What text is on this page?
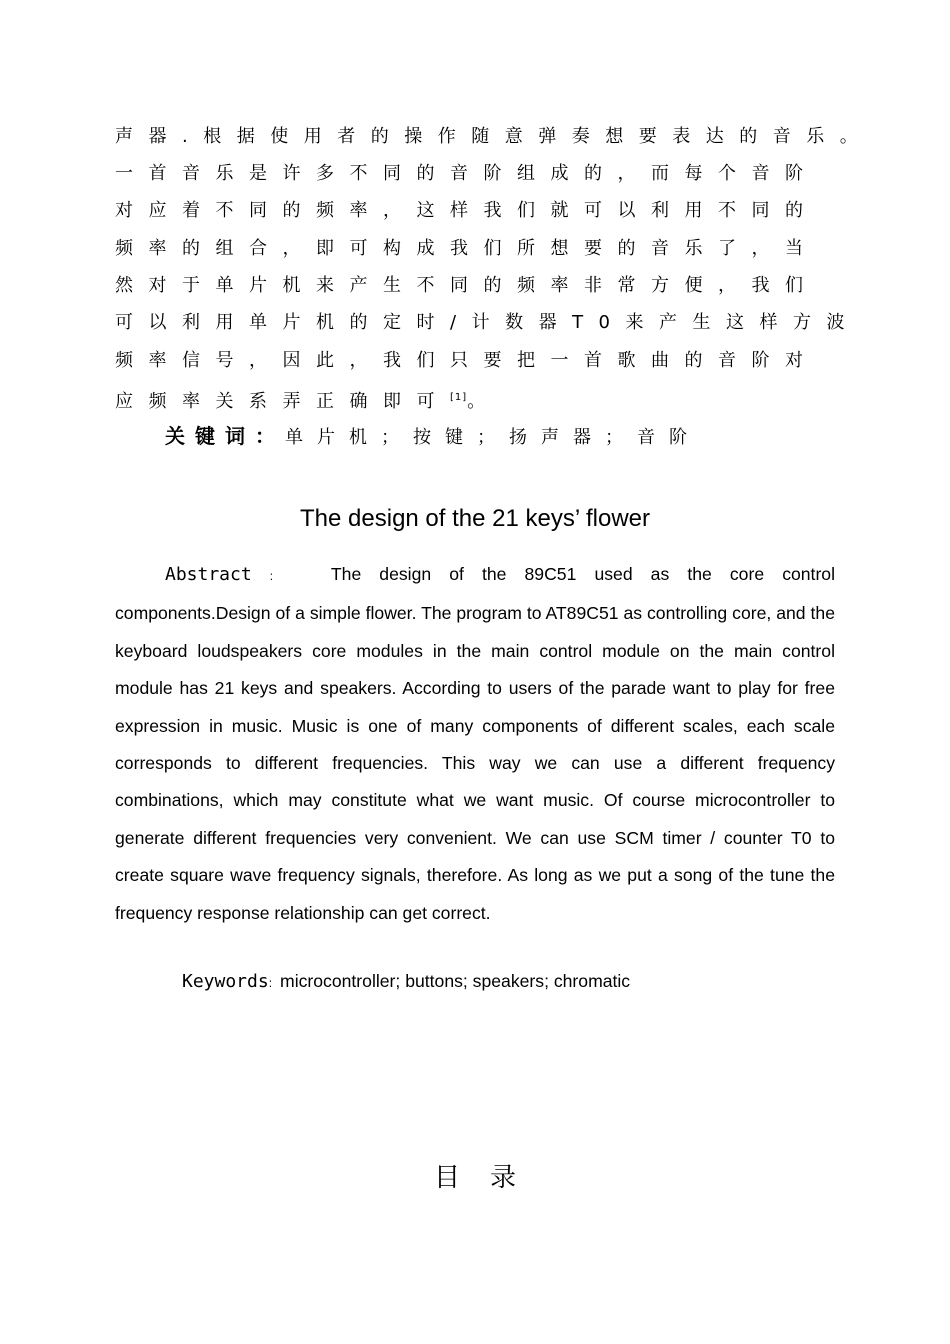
声器.根据使用者的操作随意弹奏想要表达的音乐。
一首音乐是许多不同的音阶组成的，而每个音阶
对应着不同的频率，这样我们就可以利用不同的
频率的组合，即可构成我们所想要的音乐了，当
然对于单片机来产生不同的频率非常方便，我们
可以利用单片机的定时/计数器T0来产生这样方波
频率信号，因此，我们只要把一首歌曲的音阶对
应频率关系弄正确即可[1]。
关键词：单片机；按键；扬声器；音阶
The design of the 21 keys’ flower
Abstract :	The design of the 89C51 used as the core control components.Design of a simple flower. The program to AT89C51 as controlling core, and the keyboard loudspeakers core modules in the main control module on the main control module has 21 keys and speakers. According to users of the parade want to play for free expression in music. Music is one of many components of different scales, each scale corresponds to different frequencies. This way we can use a different frequency combinations, which may constitute what we want music. Of course microcontroller to generate different frequencies very convenient. We can use SCM timer / counter T0 to create square wave frequency signals, therefore. As long as we put a song of the tune the frequency response relationship can get correct.
Keywords: microcontroller; buttons; speakers; chromatic
目录
